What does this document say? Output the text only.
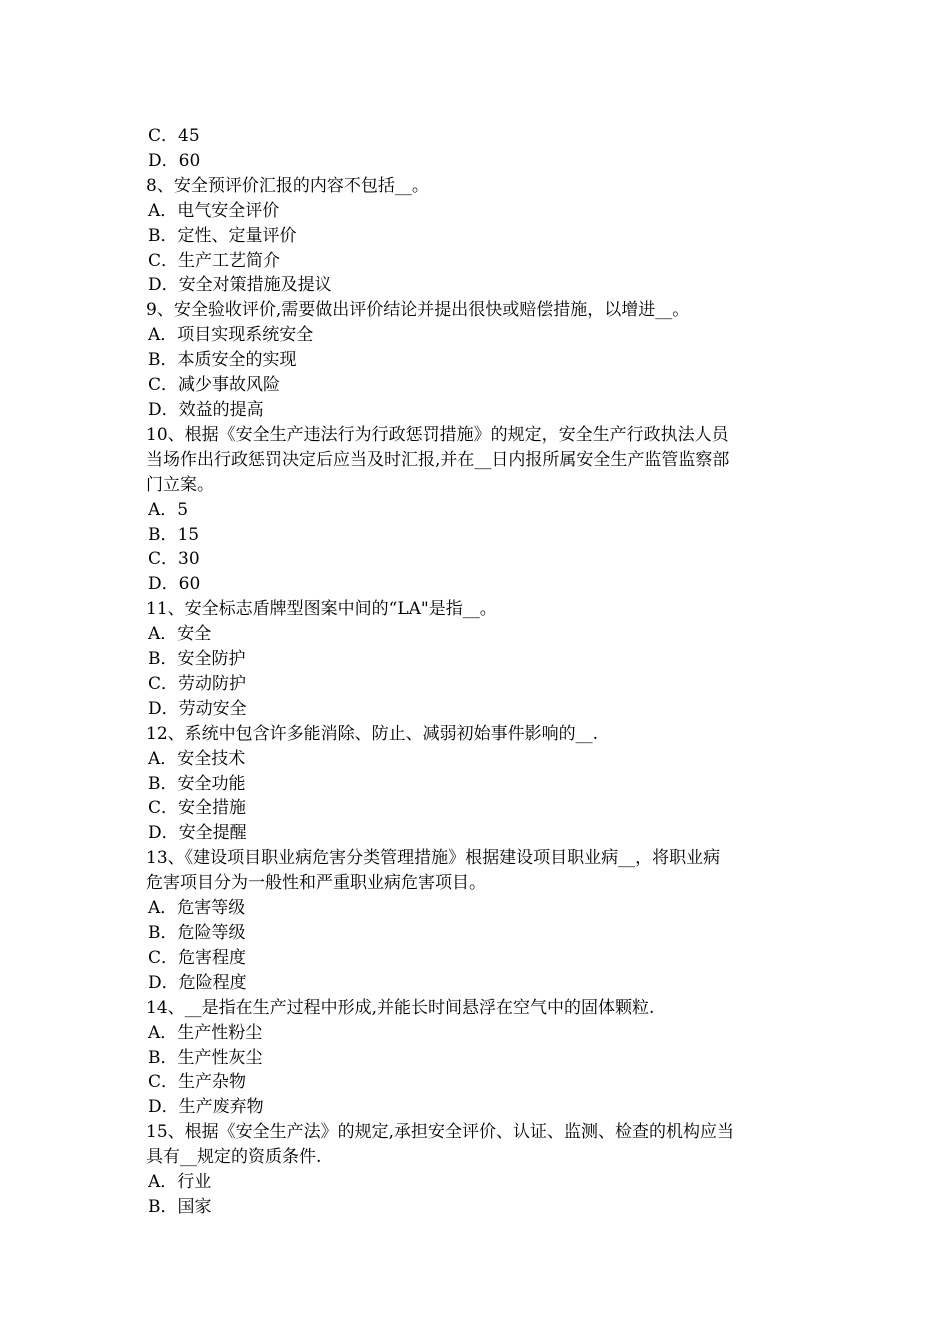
C．45
D．60
8、安全预评价汇报的内容不包括__。
A．电气安全评价
B．定性、定量评价
C．生产工艺简介
D．安全对策措施及提议
9、安全验收评价,需要做出评价结论并提出很快或赔偿措施，以增进__。
A．项目实现系统安全
B．本质安全的实现
C．减少事故风险
D．效益的提高
10、根据《安全生产违法行为行政惩罚措施》的规定，安全生产行政执法人员
当场作出行政惩罚决定后应当及时汇报,并在__日内报所属安全生产监管监察部
门立案。
A．5
B．15
C．30
D．60
11、安全标志盾牌型图案中间的“LA"是指__。
A．安全
B．安全防护
C．劳动防护
D．劳动安全
12、系统中包含许多能消除、防止、减弱初始事件影响的__.
A．安全技术
B．安全功能
C．安全措施
D．安全提醒
13、《建设项目职业病危害分类管理措施》根据建设项目职业病__，将职业病
危害项目分为一般性和严重职业病危害项目。
A．危害等级
B．危险等级
C．危害程度
D．危险程度
14、__是指在生产过程中形成,并能长时间悬浮在空气中的固体颗粒.
A．生产性粉尘
B．生产性灰尘
C．生产杂物
D．生产废弃物
15、根据《安全生产法》的规定,承担安全评价、认证、监测、检查的机构应当
具有__规定的资质条件.
A．行业
B．国家
